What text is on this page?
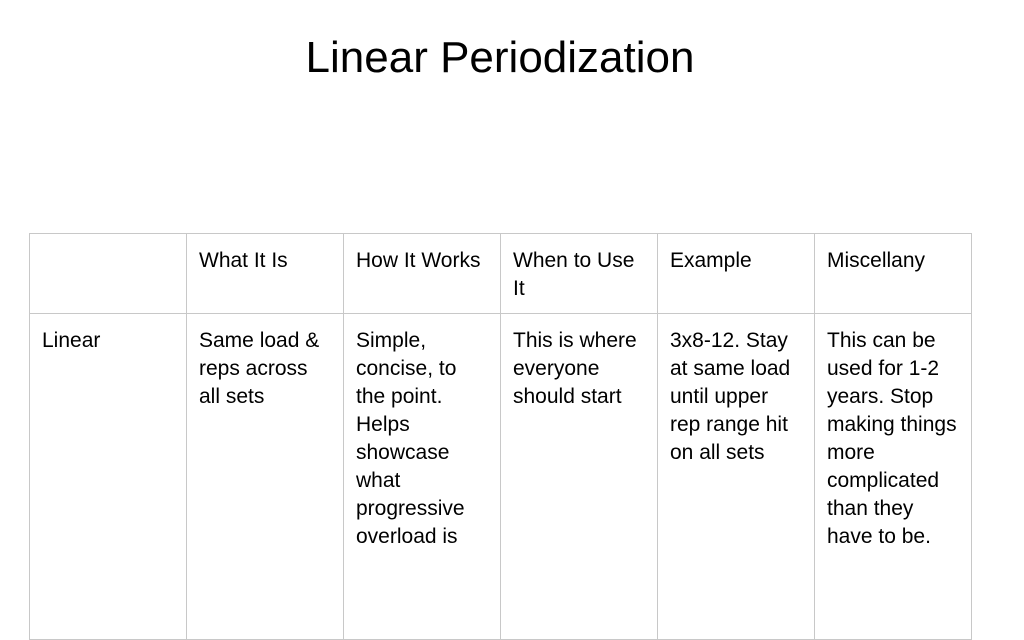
Linear Periodization
	What It Is	How It Works	When to Use It	Example	Miscellany
Linear	Same load & reps across all sets	Simple, concise, to the point. Helps showcase what progressive overload is	This is where everyone should start	3x8-12. Stay at same load until upper rep range hit on all sets	This can be used for 1-2 years. Stop making things more complicated than they have to be.
